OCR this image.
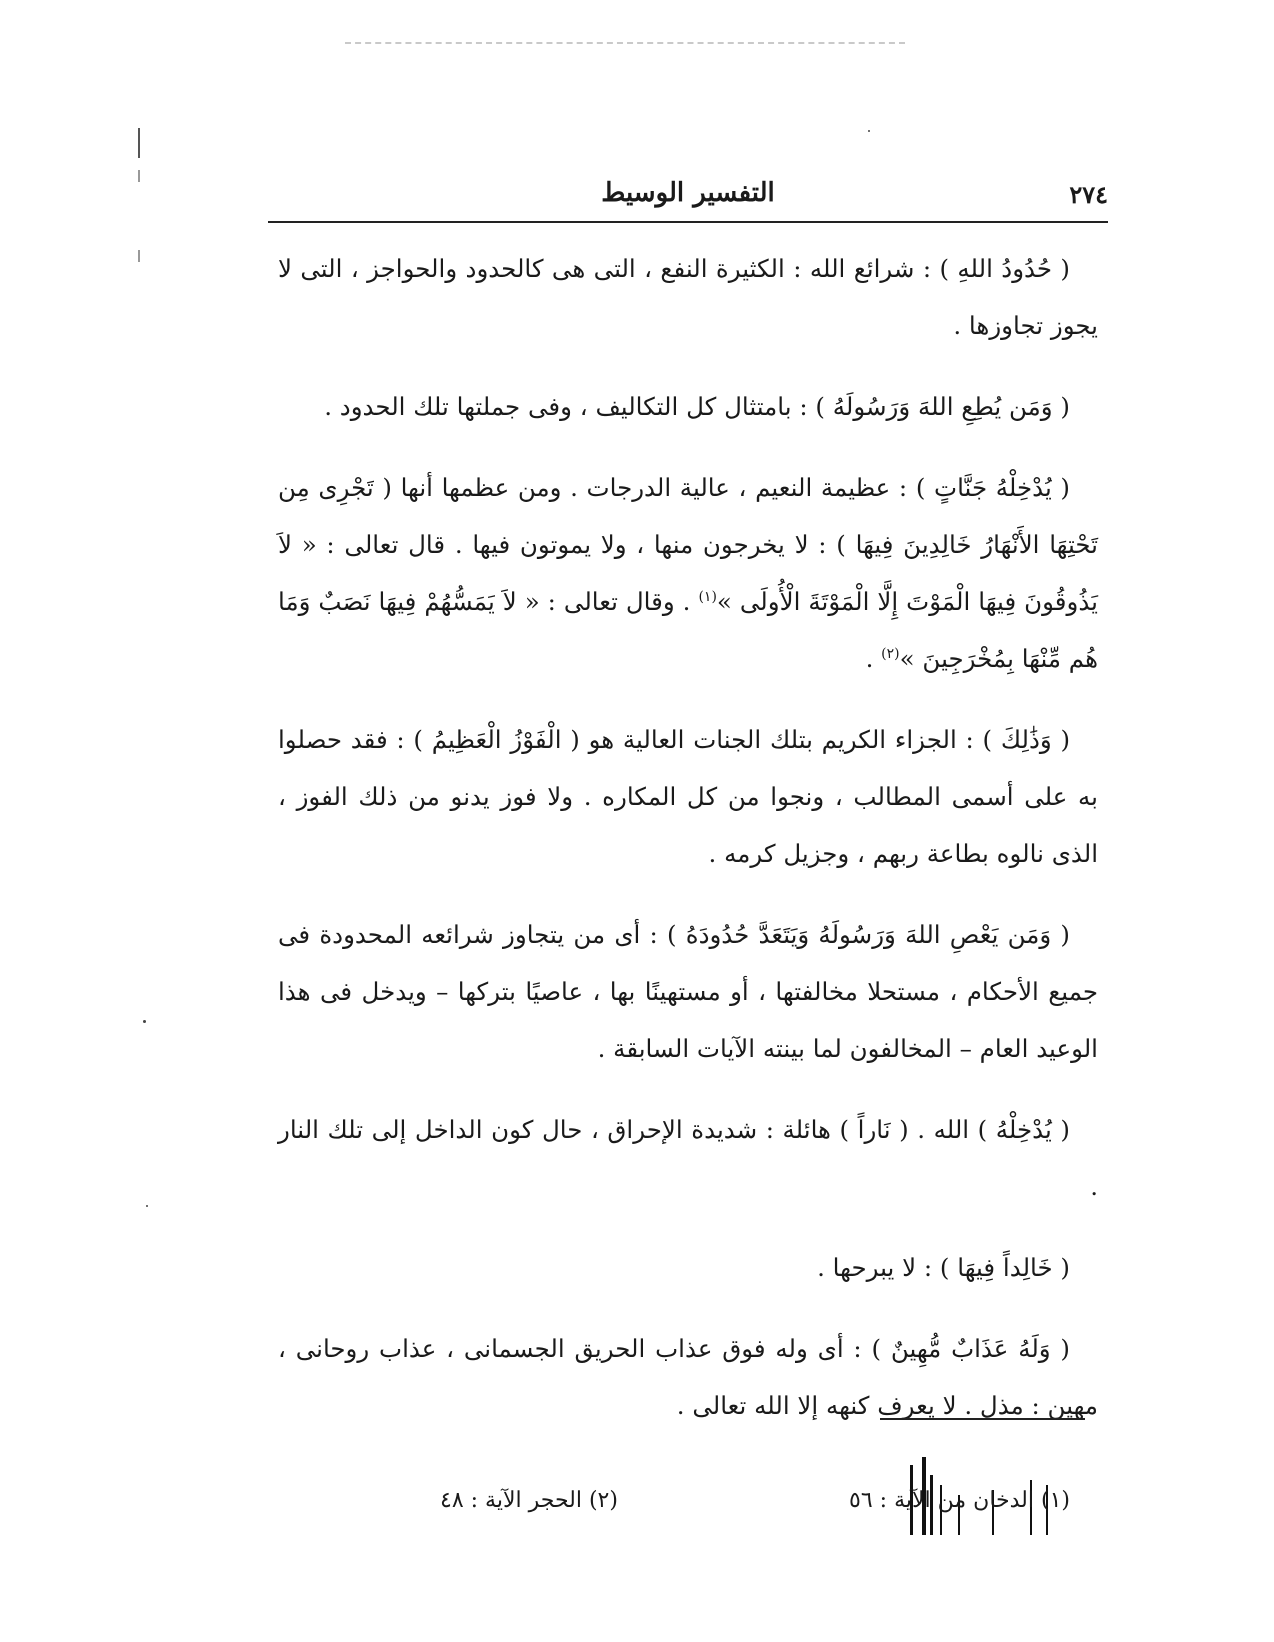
٢٧٤
التفسير الوسيط

( حُدُودُ اللهِ ) : شرائع الله : الكثيرة النفع ، التى هى كالحدود والحواجز ، التى لا يجوز تجاوزها .

( وَمَن يُطِعِ اللهَ وَرَسُولَهُ ) : بامتثال كل التكاليف ، وفى جملتها تلك الحدود .

( يُدْخِلْهُ جَنَّاتٍ ) : عظيمة النعيم ، عالية الدرجات . ومن عظمها أنها ( تَجْرِى مِن تَحْتِهَا الأَنْهَارُ خَالِدِينَ فِيهَا ) : لا يخرجون منها ، ولا يموتون فيها . قال تعالى : « لاَ يَذُوقُونَ فِيهَا الْمَوْتَ إِلَّا الْمَوْتَةَ الْأُولَى »$^{(١)}$ . وقال تعالى : « لاَ يَمَسُّهُمْ فِيهَا نَصَبٌ وَمَا هُم مِّنْهَا بِمُخْرَجِينَ »$^{(٢)}$ .

( وَذَٰلِكَ ) : الجزاء الكريم بتلك الجنات العالية هو ( الْفَوْزُ الْعَظِيمُ ) : فقد حصلوا به على أسمى المطالب ، ونجوا من كل المكاره . ولا فوز يدنو من ذلك الفوز ، الذى نالوه بطاعة ربهم ، وجزيل كرمه .

( وَمَن يَعْصِ اللهَ وَرَسُولَهُ وَيَتَعَدَّ حُدُودَهُ ) : أى من يتجاوز شرائعه المحدودة فى جميع الأحكام ، مستحلا مخالفتها ، أو مستهينًا بها ، عاصيًا بتركها – ويدخل فى هذا الوعيد العام – المخالفون لما بينته الآيات السابقة .

( يُدْخِلْهُ ) الله . ( نَاراً ) هائلة : شديدة الإحراق ، حال كون الداخل إلى تلك النار .

( خَالِداً فِيهَا ) : لا يبرحها .

( وَلَهُ عَذَابٌ مُّهِينٌ ) : أى وله فوق عذاب الحريق الجسمانى ، عذاب روحانى ، مهين : مذل . لا يعرف كنهه إلا الله تعالى .

(١) الدخان من الآية : ٥٦
(٢) الحجر الآية : ٤٨
